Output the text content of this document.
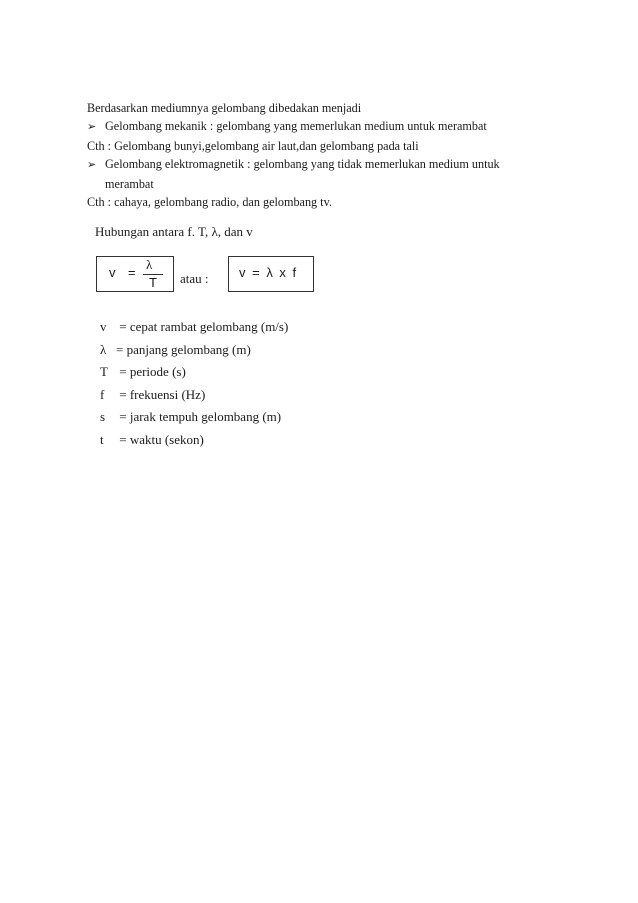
Berdasarkan mediumnya gelombang dibedakan menjadi
➢ Gelombang mekanik : gelombang yang memerlukan medium untuk merambat
Cth : Gelombang bunyi,gelombang air laut,dan gelombang pada tali
➢ Gelombang elektromagnetik : gelombang yang tidak memerlukan medium untuk
merambat
Cth : cahaya, gelombang radio, dan gelombang tv.
Hubungan antara f. T, λ, dan v
v =
λ
T atau : v = λ x f
v = cepat rambat gelombang (m/s)
λ = panjang gelombang (m)
T = periode (s)
f = frekuensi (Hz)
s = jarak tempuh gelombang (m)
t = waktu (sekon)
